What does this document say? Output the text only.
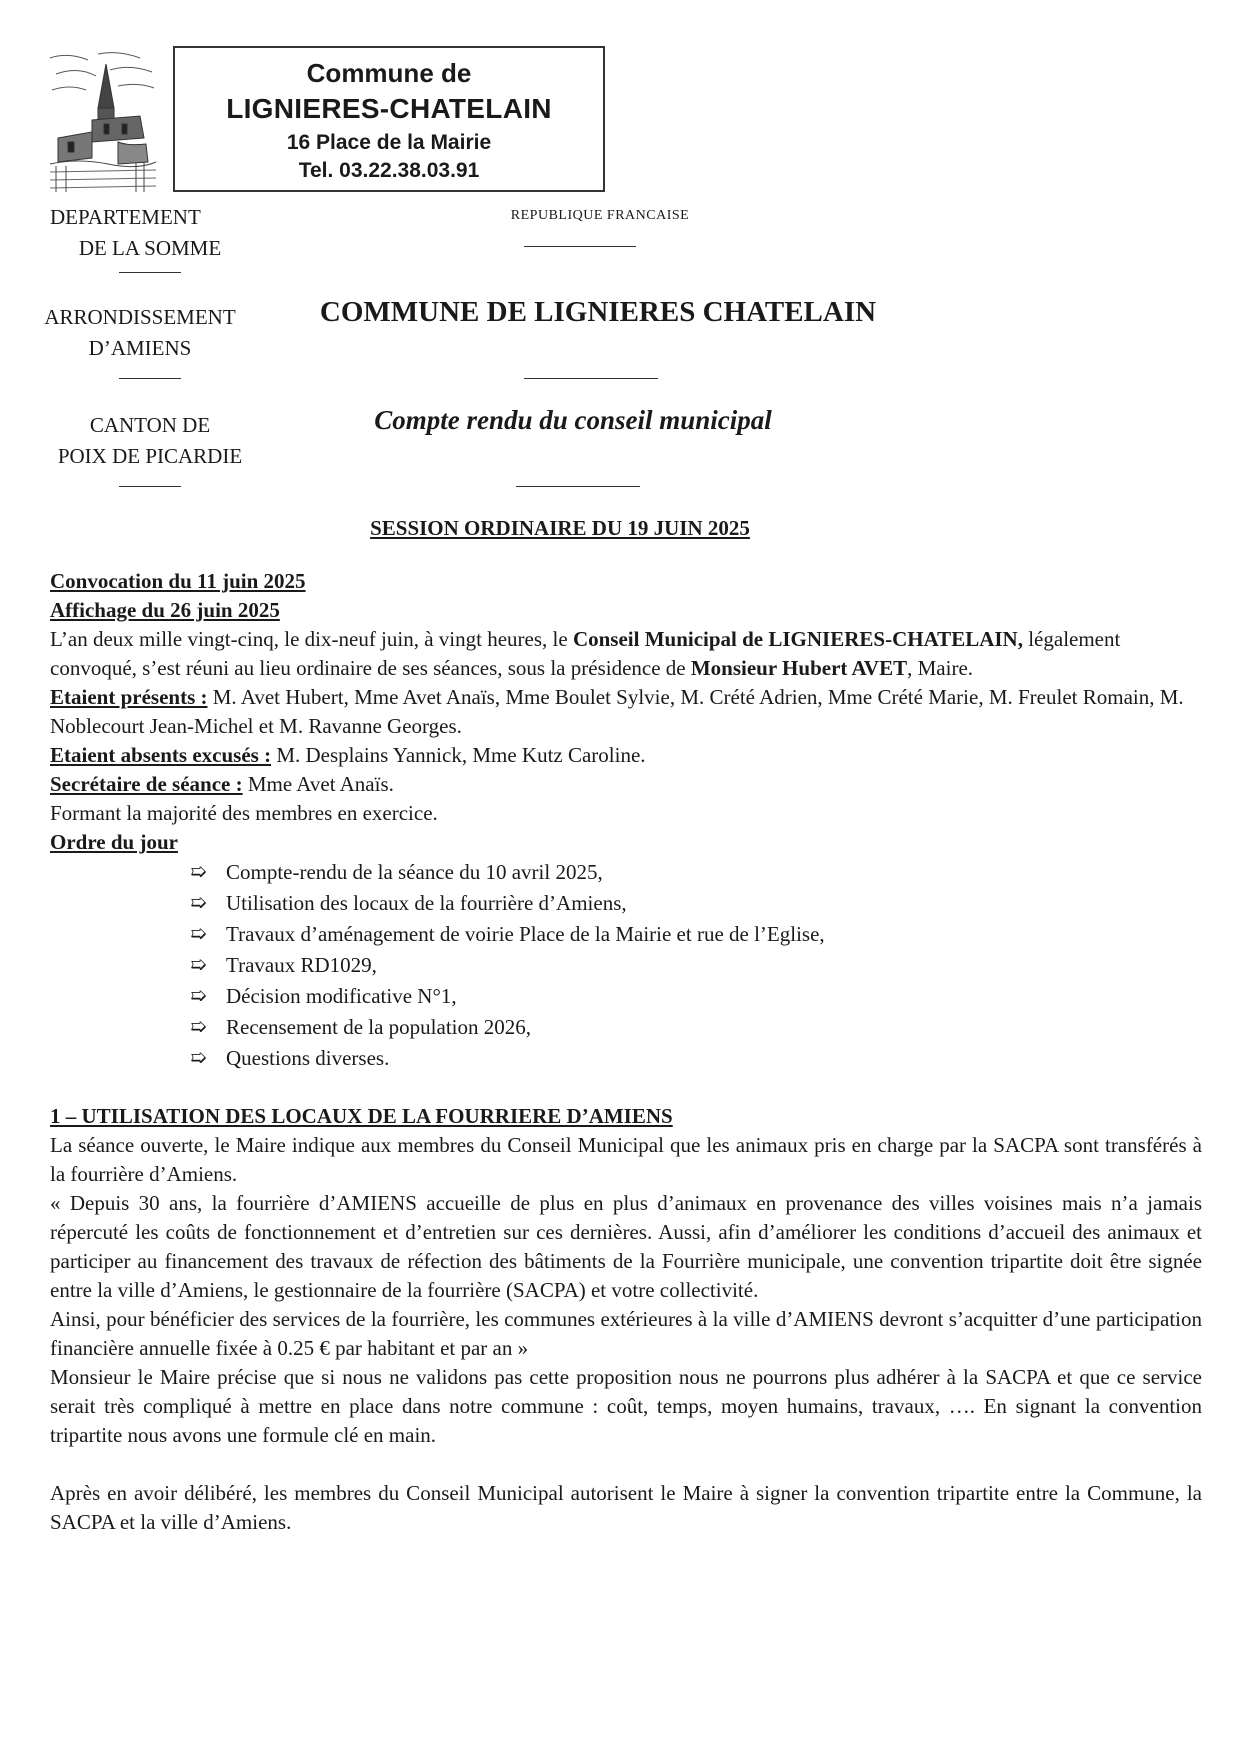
Commune de
LIGNIERES-CHATELAIN
16 Place de la Mairie
Tel. 03.22.38.03.91
DEPARTEMENT
DE LA SOMME
ARRONDISSEMENT
D’AMIENS
CANTON DE
POIX DE PICARDIE
REPUBLIQUE FRANCAISE
COMMUNE DE LIGNIERES CHATELAIN
Compte rendu du conseil municipal
SESSION ORDINAIRE DU 19 JUIN 2025

Convocation du 11 juin 2025

Affichage du 26 juin 2025

L’an deux mille vingt-cinq, le dix-neuf juin, à vingt heures, le Conseil Municipal de LIGNIERES-CHATELAIN, légalement convoqué, s’est réuni au lieu ordinaire de ses séances, sous la présidence de Monsieur Hubert AVET, Maire.

Etaient présents : M. Avet Hubert, Mme Avet Anaïs, Mme Boulet Sylvie, M. Crété Adrien, Mme Crété Marie, M. Freulet Romain, M. Noblecourt Jean-Michel et M. Ravanne Georges.

Etaient absents excusés : M. Desplains Yannick, Mme Kutz Caroline.

Secrétaire de séance : Mme Avet Anaïs.

Formant la majorité des membres en exercice.

Ordre du jour

➯ Compte-rendu de la séance du 10 avril 2025,
➯ Utilisation des locaux de la fourrière d’Amiens,
➯ Travaux d’aménagement de voirie Place de la Mairie et rue de l’Eglise,
➯ Travaux RD1029,
➯ Décision modificative N°1,
➯ Recensement de la population 2026,
➯ Questions diverses.

1 – UTILISATION DES LOCAUX DE LA FOURRIERE D’AMIENS

La séance ouverte, le Maire indique aux membres du Conseil Municipal que les animaux pris en charge par la SACPA sont transférés à la fourrière d’Amiens.

« Depuis 30 ans, la fourrière d’AMIENS accueille de plus en plus d’animaux en provenance des villes voisines mais n’a jamais répercuté les coûts de fonctionnement et d’entretien sur ces dernières. Aussi, afin d’améliorer les conditions d’accueil des animaux et participer au financement des travaux de réfection des bâtiments de la Fourrière municipale, une convention tripartite doit être signée entre la ville d’Amiens, le gestionnaire de la fourrière (SACPA) et votre collectivité.

Ainsi, pour bénéficier des services de la fourrière, les communes extérieures à la ville d’AMIENS devront s’acquitter d’une participation financière annuelle fixée à 0.25 € par habitant et par an »

Monsieur le Maire précise que si nous ne validons pas cette proposition nous ne pourrons plus adhérer à la SACPA et que ce service serait très compliqué à mettre en place dans notre commune : coût, temps, moyen humains, travaux, …. En signant la convention tripartite nous avons une formule clé en main.

Après en avoir délibéré, les membres du Conseil Municipal autorisent le Maire à signer la convention tripartite entre la Commune, la SACPA et la ville d’Amiens.
